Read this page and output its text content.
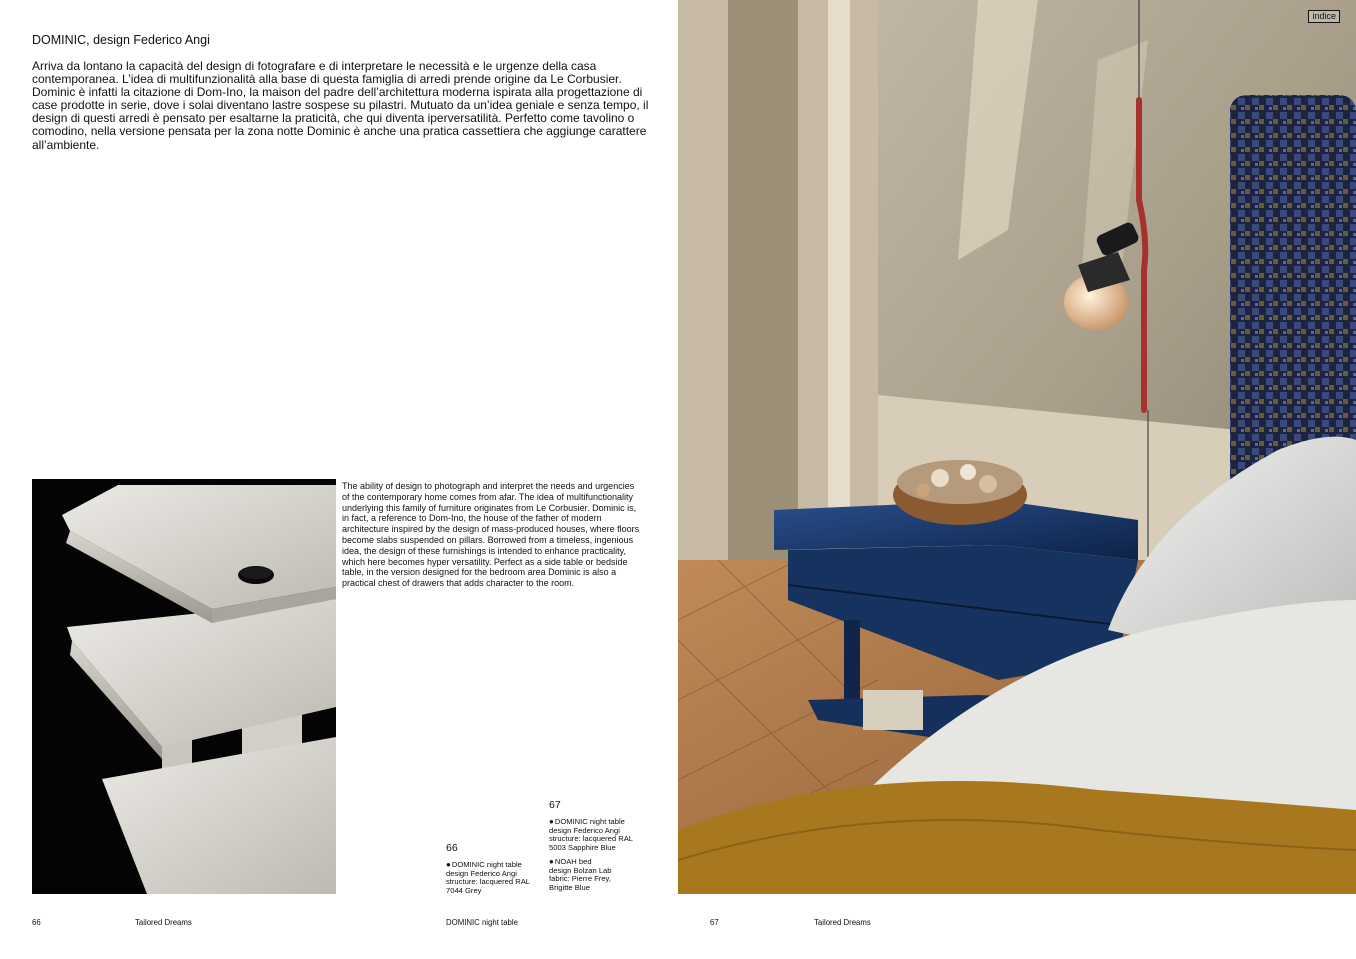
DOMINIC, design Federico Angi

Arriva da lontano la capacità del design di fotografare e di interpretare le necessità e le urgenze della casa contemporanea. L’idea di multifunzionalità alla base di questa famiglia di arredi prende origine da Le Corbusier. Dominic è infatti la citazione di Dom-Ino, la maison del padre dell’architettura moderna ispirata alla progettazione di case prodotte in serie, dove i solai diventano lastre sospese su pilastri. Mutuato da un’idea geniale e senza tempo, il design di questi arredi è pensato per esaltarne la praticità, che qui diventa iperversatilità. Perfetto come tavolino o comodino, nella versione pensata per la zona notte Dominic è anche una pratica cassettiera che aggiunge carattere all’ambiente.

The ability of design to photograph and interpret the needs and urgencies of the contemporary home comes from afar. The idea of multifunctionality underlying this family of furniture originates from Le Corbusier. Dominic is, in fact, a reference to Dom-Ino, the house of the father of modern architecture inspired by the design of mass-produced houses, where floors become slabs suspended on pillars. Borrowed from a timeless, ingenious idea, the design of these furnishings is intended to enhance practicality, which here becomes hyper versatility. Perfect as a side table or bedside table, in the version designed for the bedroom area Dominic is also a practical chest of drawers that adds character to the room.

66

●DOMINIC night table
design Federico Angi
structure: lacquered RAL
7044 Grey

67

●DOMINIC night table
design Federico Angi
structure: lacquered RAL
5003 Sapphire Blue

●NOAH bed
design Bolzan Lab
fabric: Pierre Frey,
Brigitte Blue

indice
66	Tailored Dreams	DOMINIC night table	67	Tailored Dreams
